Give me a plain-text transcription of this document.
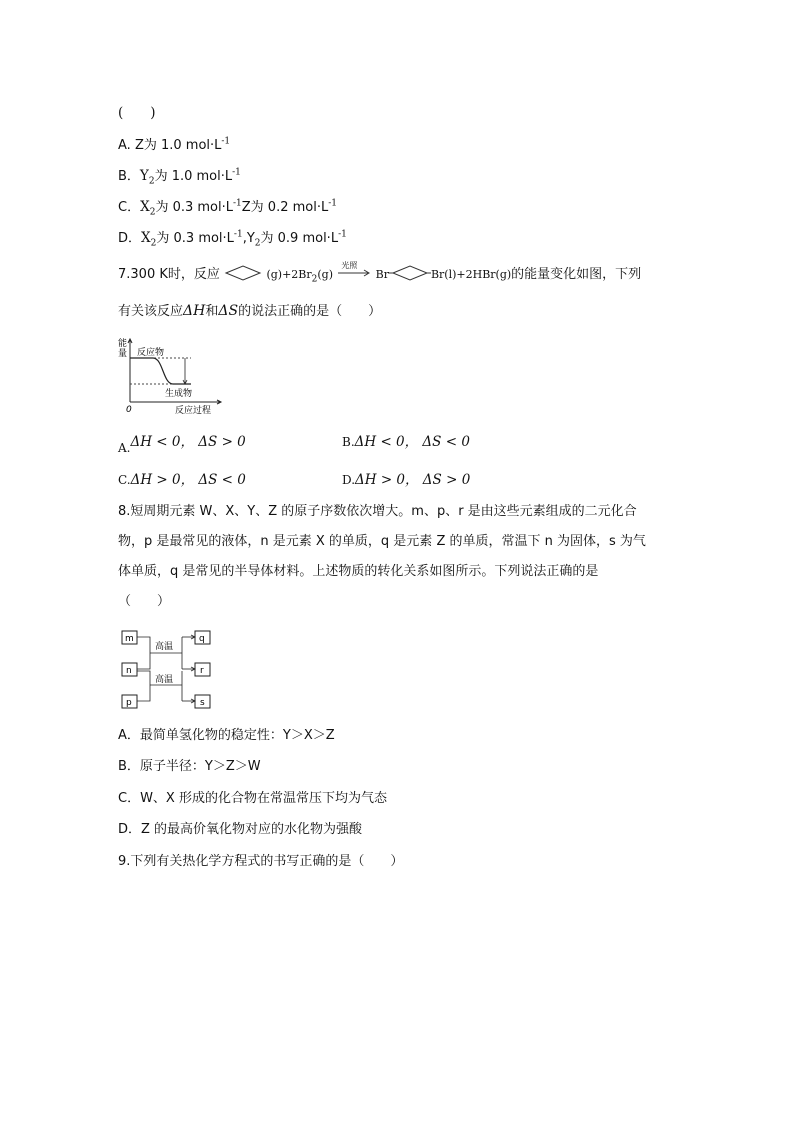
(　　)
A. Z为 1.0 $mol\cdot L^{-1}$
B．$Y_2$为 1.0 $mol\cdot L^{-1}$
C．$X_2$为 0.3 $mol\cdot L^{-1}Z$为 0.2 $mol\cdot L^{-1}$
D．$X_2$为 0.3 $mol\cdot L^{-1},Y_2$为 0.9 $mol\cdot L^{-1}$
7.300 K时，反应	$(g)+2Br_2(g)$
光照
Br	Br(l)+2HBr(g)的能量变化如图，下列
有关该反应ΔH和ΔS的说法正确的是（　　）
能
量 反应物
生成物
0	反应过程
A.ΔH < 0， ΔS > 0	B.ΔH < 0， ΔS < 0
C.ΔH > 0， ΔS < 0	D.ΔH > 0， ΔS > 0
8.短周期元素 W、X、Y、Z 的原子序数依次增大。m、p、r 是由这些元素组成的二元化合
物，p 是最常见的液体，n 是元素 X 的单质，q 是元素 Z 的单质，常温下 n 为固体，s 为气
体单质，q 是常见的半导体材料。上述物质的转化关系如图所示。下列说法正确的是
（　　）
m
n
p
q
r
s
高温
高温
A．最简单氢化物的稳定性：Y＞X＞Z
B．原子半径：Y＞Z＞W
C．W、X 形成的化合物在常温常压下均为气态
D．Z 的最高价氧化物对应的水化物为强酸
9.下列有关热化学方程式的书写正确的是（　　）
